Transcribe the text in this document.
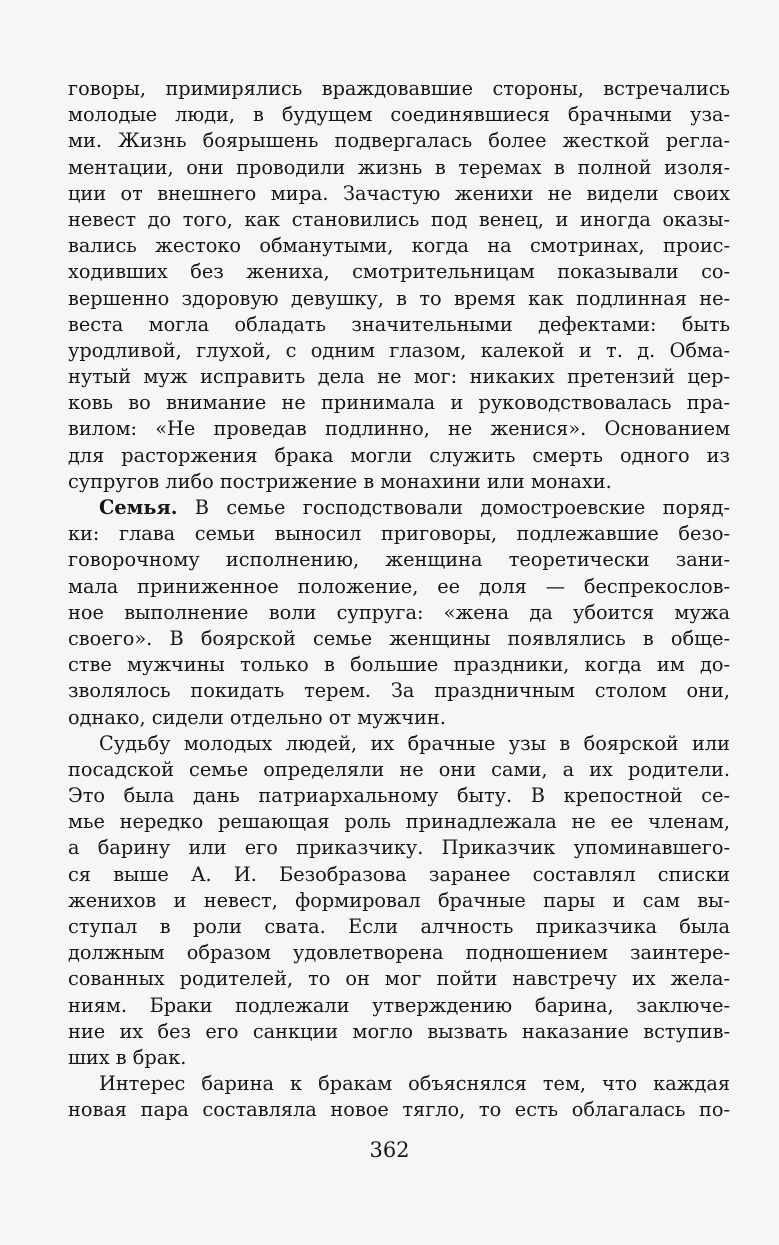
говоры, примирялись враждовавшие стороны, встречались
молодые люди, в будущем соединявшиеся брачными уза-
ми. Жизнь боярышень подвергалась более жесткой регла-
ментации, они проводили жизнь в теремах в полной изоля-
ции от внешнего мира. Зачастую женихи не видели своих
невест до того, как становились под венец, и иногда оказы-
вались жестоко обманутыми, когда на смотринах, проис-
ходивших без жениха, смотрительницам показывали со-
вершенно здоровую девушку, в то время как подлинная не-
веста могла обладать значительными дефектами: быть
уродливой, глухой, с одним глазом, калекой и т. д. Обма-
нутый муж исправить дела не мог: никаких претензий цер-
ковь во внимание не принимала и руководствовалась пра-
вилом: «Не проведав подлинно, не женися». Основанием
для расторжения брака могли служить смерть одного из
супругов либо пострижение в монахини или монахи.
Семья. В семье господствовали домостроевские поряд-
ки: глава семьи выносил приговоры, подлежавшие безо-
говорочному исполнению, женщина теоретически зани-
мала приниженное положение, ее доля — беспрекослов-
ное выполнение воли супруга: «жена да убоится мужа
своего». В боярской семье женщины появлялись в обще-
стве мужчины только в большие праздники, когда им до-
зволялось покидать терем. За праздничным столом они,
однако, сидели отдельно от мужчин.
Судьбу молодых людей, их брачные узы в боярской или
посадской семье определяли не они сами, а их родители.
Это была дань патриархальному быту. В крепостной се-
мье нередко решающая роль принадлежала не ее членам,
а барину или его приказчику. Приказчик упоминавшего-
ся выше А. И. Безобразова заранее составлял списки
женихов и невест, формировал брачные пары и сам вы-
ступал в роли свата. Если алчность приказчика была
должным образом удовлетворена подношением заинтере-
сованных родителей, то он мог пойти навстречу их жела-
ниям. Браки подлежали утверждению барина, заключе-
ние их без его санкции могло вызвать наказание вступив-
ших в брак.
Интерес барина к бракам объяснялся тем, что каждая
новая пара составляла новое тягло, то есть облагалась по-
362
